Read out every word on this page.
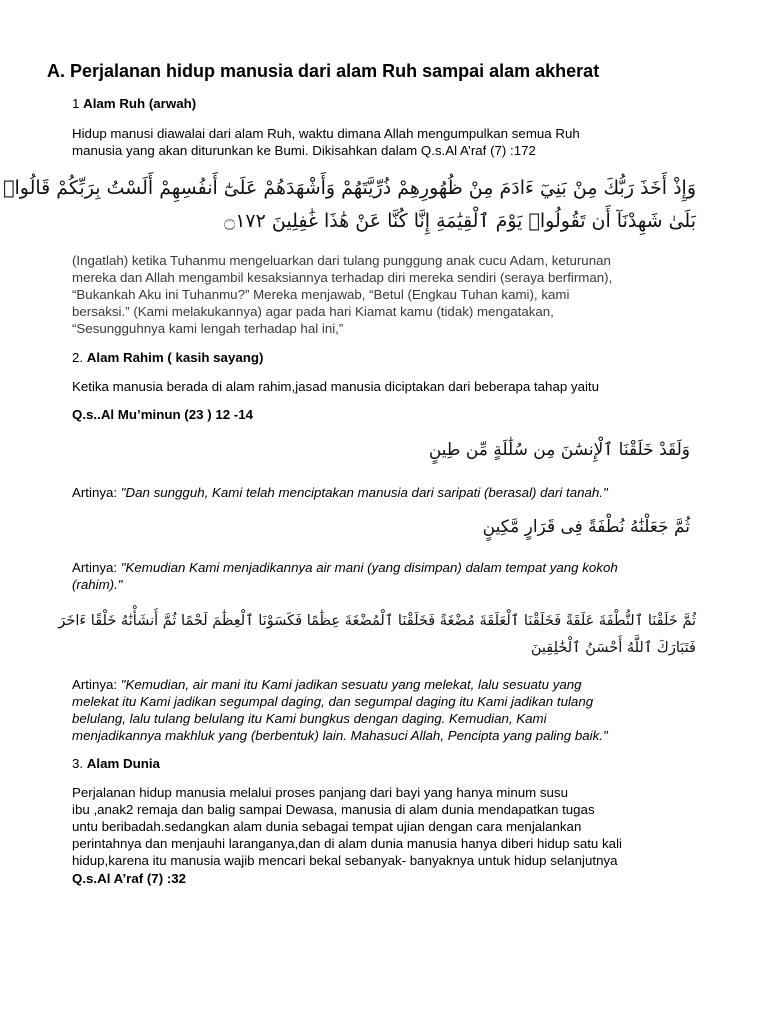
A. Perjalanan hidup manusia dari alam Ruh sampai alam akherat
1 Alam Ruh (arwah)
Hidup manusi diawalai dari alam Ruh, waktu dimana Allah mengumpulkan semua Ruh
manusia yang akan diturunkan ke Bumi. Dikisahkan dalam Q.s.Al A’raf (7) :172
وَإِذْ أَخَذَ رَبُّكَ مِنْ بَنِيٓ ءَادَمَ مِنْ ظُهُورِهِمْ ذُرِّيَّتَهُمْ وَأَشْهَدَهُمْ عَلَىٰٓ أَنفُسِهِمْ أَلَسْتُ بِرَبِّكُمْ قَالُوا۟
بَلَىٰ شَهِدْنَآ أَن تَقُولُوا۟ يَوْمَ ٱلْقِيَٰمَةِ إِنَّا كُنَّا عَنْ هَٰذَا غَٰفِلِينَ ۝١٧٢
(Ingatlah) ketika Tuhanmu mengeluarkan dari tulang punggung anak cucu Adam, keturunan
mereka dan Allah mengambil kesaksiannya terhadap diri mereka sendiri (seraya berfirman),
“Bukankah Aku ini Tuhanmu?” Mereka menjawab, “Betul (Engkau Tuhan kami), kami
bersaksi.” (Kami melakukannya) agar pada hari Kiamat kamu (tidak) mengatakan,
“Sesungguhnya kami lengah terhadap hal ini,”
2. Alam Rahim ( kasih sayang)
Ketika manusia berada di alam rahim,jasad manusia diciptakan dari beberapa tahap yaitu
Q.s..Al Mu’minun (23 ) 12 -14
وَلَقَدْ خَلَقْنَا ٱلْإِنسَٰنَ مِن سُلَٰلَةٍ مِّن طِينٍ
Artinya: "Dan sungguh, Kami telah menciptakan manusia dari saripati (berasal) dari tanah."
ثُمَّ جَعَلْنَٰهُ نُطْفَةً فِى قَرَارٍ مَّكِينٍ
Artinya: "Kemudian Kami menjadikannya air mani (yang disimpan) dalam tempat yang kokoh
(rahim)."
ثُمَّ خَلَقْنَا ٱلنُّطْفَةَ عَلَقَةً فَخَلَقْنَا ٱلْعَلَقَةَ مُضْغَةً فَخَلَقْنَا ٱلْمُضْغَةَ عِظَٰمًا فَكَسَوْنَا ٱلْعِظَٰمَ لَحْمًا ثُمَّ أَنشَأْنَٰهُ خَلْقًا ءَاخَرَ
فَتَبَارَكَ ٱللَّهُ أَحْسَنُ ٱلْخَٰلِقِينَ
Artinya: "Kemudian, air mani itu Kami jadikan sesuatu yang melekat, lalu sesuatu yang
melekat itu Kami jadikan segumpal daging, dan segumpal daging itu Kami jadikan tulang
belulang, lalu tulang belulang itu Kami bungkus dengan daging. Kemudian, Kami
menjadikannya makhluk yang (berbentuk) lain. Mahasuci Allah, Pencipta yang paling baik."
3. Alam Dunia
Perjalanan hidup manusia melalui proses panjang dari bayi yang hanya minum susu
ibu ,anak2 remaja dan balig sampai Dewasa, manusia di alam dunia mendapatkan tugas
untu beribadah.sedangkan alam dunia sebagai tempat ujian dengan cara menjalankan
perintahnya dan menjauhi laranganya,dan di alam dunia manusia hanya diberi hidup satu kali
hidup,karena itu manusia wajib mencari bekal sebanyak- banyaknya untuk hidup selanjutnya
Q.s.Al A’raf (7) :32
